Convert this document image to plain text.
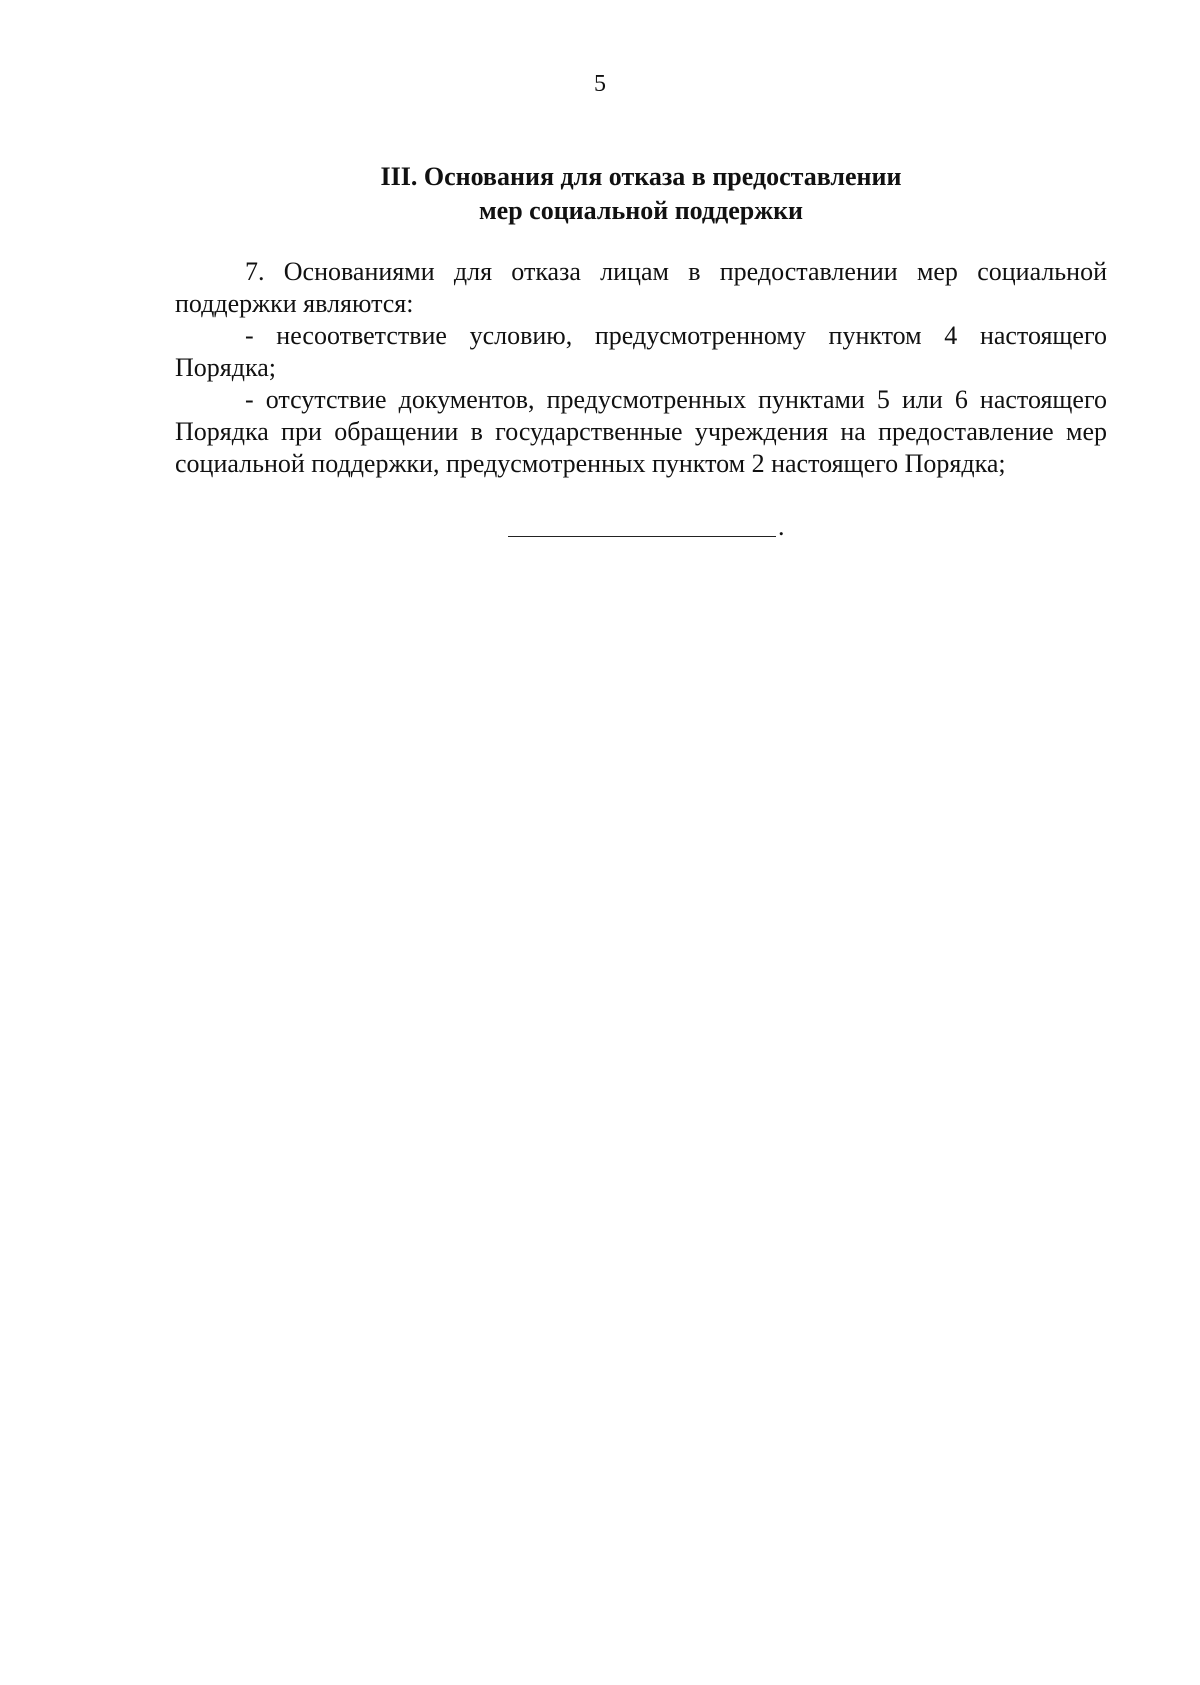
5
III. Основания для отказа в предоставлении
мер социальной поддержки

7. Основаниями для отказа лицам в предоставлении мер социальной поддержки являются:

- несоответствие условию, предусмотренному пунктом 4 настоящего Порядка;

- отсутствие документов, предусмотренных пунктами 5 или 6 настоящего Порядка при обращении в государственные учреждения на предоставление мер социальной поддержки, предусмотренных пунктом 2 настоящего Порядка;

.
